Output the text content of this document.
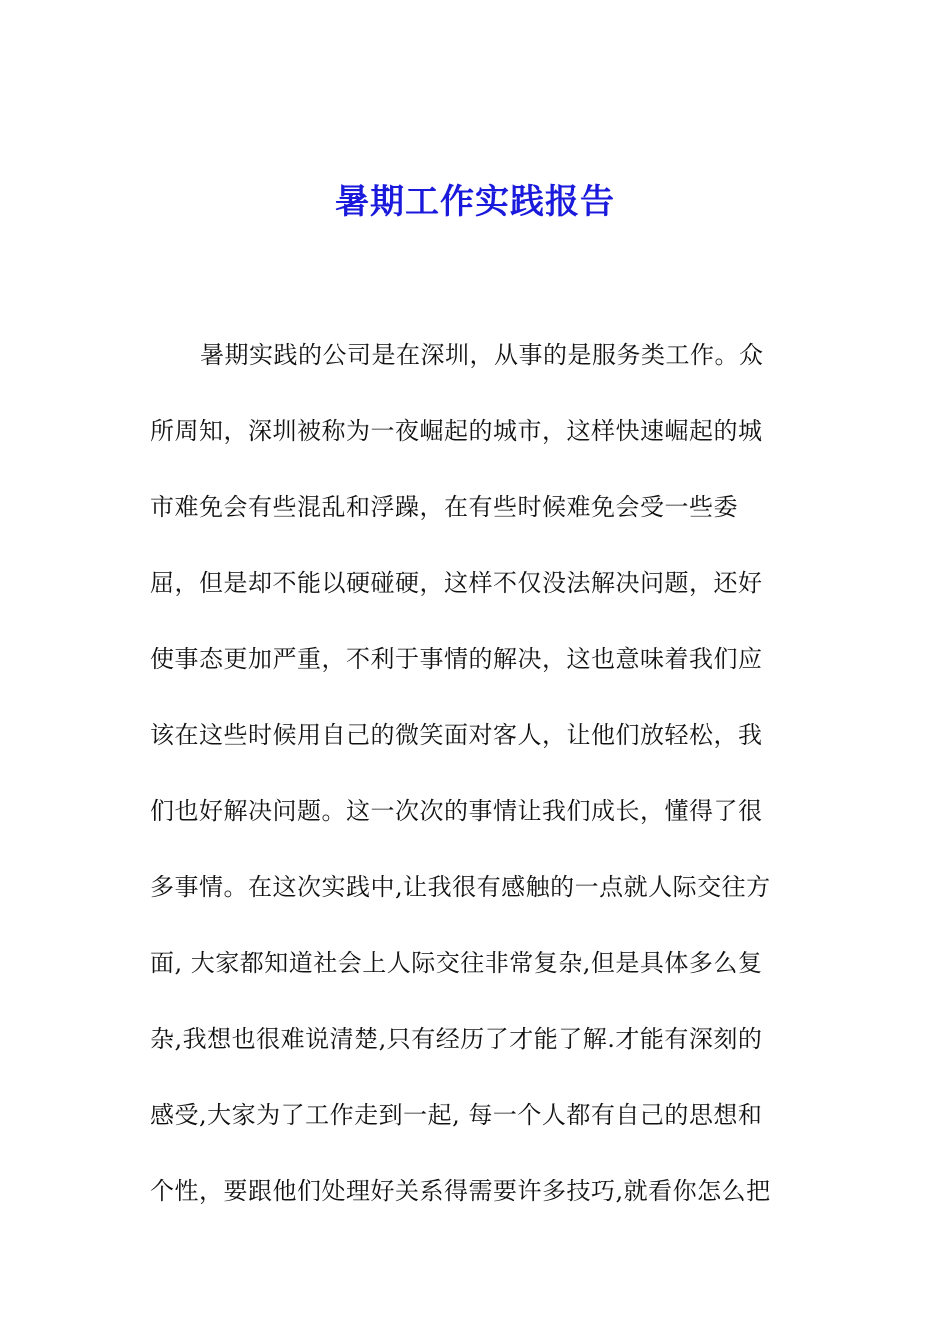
暑期工作实践报告
暑期实践的公司是在深圳，从事的是服务类工作。众
所周知，深圳被称为一夜崛起的城市，这样快速崛起的城
市难免会有些混乱和浮躁，在有些时候难免会受一些委
屈，但是却不能以硬碰硬，这样不仅没法解决问题，还好
使事态更加严重，不利于事情的解决，这也意味着我们应
该在这些时候用自己的微笑面对客人，让他们放轻松，我
们也好解决问题。这一次次的事情让我们成长，懂得了很
多事情。在这次实践中,让我很有感触的一点就人际交往方
面, 大家都知道社会上人际交往非常复杂,但是具体多么复
杂,我想也很难说清楚,只有经历了才能了解.才能有深刻的
感受,大家为了工作走到一起, 每一个人都有自己的思想和
个性，要跟他们处理好关系得需要许多技巧,就看你怎么把
